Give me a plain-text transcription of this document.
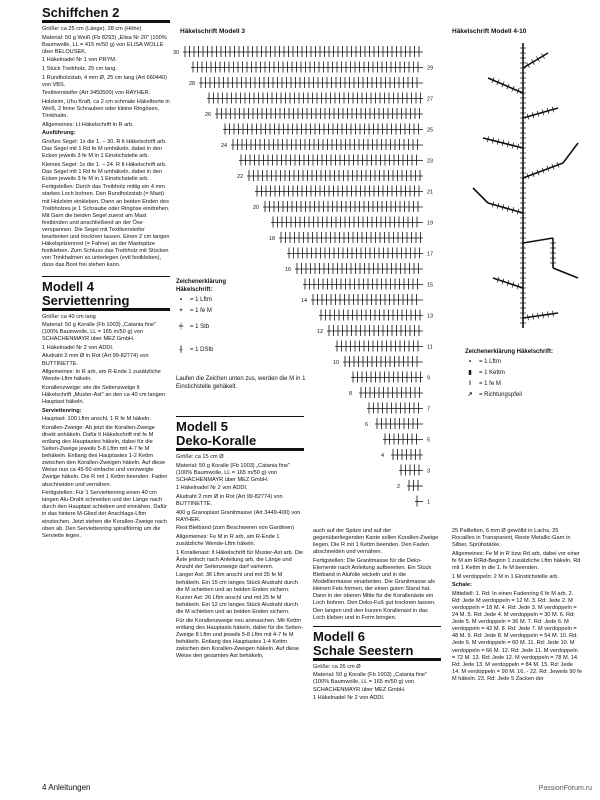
Schiffchen 2

Größe: ca 25 cm (Länge), 28 cm (Höhe)

Material: 50 g Weiß (Fb 8293) „Elisa Nr 20" (100% Baumwolle, LL = 415 m/50 g) von ELISA WOLLE über BELOUSEK.

1 Häkelnadel Nr 1 von PRYM.

1 Stück Treibholz, 25 cm lang.

1 Rundholzstab, 4 mm Ø, 25 cm lang (Art 660440) von VBS.

Textilversteifer (Art 3450500) von RAYHER.

Holzleim, Uhu Kraft, ca 2 cm schmale Häkelborte in Weiß, 2 feine Schrauben oder kleine Ringösen, Trinkhalm.

Allgemeines: Lt Häkelschrift in R arb.

Ausführung:

Großes Segel: 1x die 1. – 30. R lt Häkelschrift arb. Das Segel mit 1 Rd fe M umhäkeln, dabei in den Ecken jeweils 3 fe M in 1 Einstichstelle arb.

Kleines Segel: 1x die 1. – 24. R lt Häkelschrift arb. Das Segel mit 1 Rd fe M umhäkeln, dabei in den Ecken jeweils 3 fe M in 1 Einstichstelle arb.

Fertigstellen: Durch das Treibholz mittig ein 4 mm starkes Loch bohren. Den Rundholzstab (= Mast) mit Holzleim einkleben. Dann an beiden Enden des Treibholzes je 1 Schraube oder Ringöse eindrehen. Mit Garn die beiden Segel zuerst am Mast festbinden und anschließend an der Öse verspannen. Die Segel mit Textilversteifer bearbeiten und trocknen lassen. Einen 2 cm langen Häkelspitzenrest (= Fahne) an der Mastspitze festkleben. Zum Schluss das Treibholz mit Stücken von Trinkhalmen so unterlegen (evtl festkleben), dass das Boot frei stehen kann.

Modell 4
Serviettenring

Größe: ca 40 cm lang

Material: 50 g Koralle (Fb 1003) „Catania fine" (100% Baumwolle, LL = 165 m/50 g) von SCHACHENMAYR über MEZ GmbH.

1 Häkelnadel Nr 2 von ADDI.

Aludraht 2 mm Ø in Rot (Art 99-82774) von BUTTINETTE.

Allgemeines: In R arb, am R-Ende 1 zusätzliche Wende-Lftm häkeln.

Korallenzweige: wie die Seitenzweige lt Häkelschrift „Muster-Ast" an den ca 40 cm langen Hauptast häkeln.

Serviettenring:

Hauptast: 100 Lftm anschl, 1 R fe M häkeln.

Korallen-Zweige: Ab jetzt die Korallen-Zweige direkt anhäkeln. Dafür lt Häkelschrift mit fe M entlang des Hauptastes häkeln, dabei für die Seiten-Zweige jeweils 5-8 Lftm mit 4-7 fe M behäkeln. Entlang des Hauptastes 1-2 Kettm zwischen den Korallen-Zweigen häkeln. Auf diese Weise nun ca 45-50 einfache und verzweigte Zweige häkeln. Die R mit 1 Kettm beenden. Faden abschneiden und vernähen.

Fertigstellen: Für 1 Serviettenring einen 40 cm langen Alu-Draht schneiden und der Länge nach durch den Hauptast schieben und einnähen. Dafür in das hintere M-Glied der Anschlags-Lftm einstechen. Jetzt stehen die Korallen-Zweige nach oben ab. Den Serviettenring spiralförmig um die Serviette legen.

Häkelschrift Modell 3
30
29
28
27
26
25
24
23
22
21
20
19
18
17
16
15
14
13
12
11
10
9
8
7
6
5
4
3
2
1
Zeichenerklärung Häkelschrift:
•	= 1 Lftm
+	= 1 fe M
╪	= 1 Stb
╫	= 1 DStb
Laufen die Zeichen unten zus, werden die M in 1 Einstichstelle gehäkelt.
Häkelschrift Modell 4-10
Zeichenerklärung Häkelschrift:
•	= 1 Lftm
▮	= 1 Kettm
I	= 1 fe M
↗	= Richtungspfeil
Modell 5
Deko-Koralle

Größe: ca 15 cm Ø

Material: 50 g Koralle (Fb 1003) „Catania fine" (100% Baumwolle, LL = 165 m/50 g) von SCHACHENMAYR über MEZ GmbH.

1 Häkelnadel Nr 2 von ADDI.

Aludraht 2 mm Ø in Rot (Art 99-82774) von BUTTINETTE.

400 g Granoplast Granitmasse (Art 3449-400) von RAYHER.

Rest Bleiband (zum Beschweren von Gardinen)

Allgemeines: Fe M in R arb, am R-Ende 1 zusätzliche Wende-Lftm häkeln.

1 Korallenast: lt Häkelschrift für Muster-Ast arb. Die Äste jedoch nach Anleitung arb, die Länge und Anzahl der Seitenzweige darf variieren.

Langer Ast: 36 Lftm anschl und mit 35 fe M behäkeln. Ein 15 cm langes Stück Aludraht durch die M schieben und an beiden Enden sichern.

Kurzer Ast: 26 Lftm anschl und mit 25 fe M behäkeln. Ein 12 cm langes Stück Aludraht durch die M schieben und an beiden Enden sichern.

Für die Korallenzweige neu anmaschen. Mit Kettm entlang des Hauptasts häkeln, dabei für die Seiten-Zweige 8 Lftm und jeweils 5-8 Lftm mit 4-7 fe M behäkeln. Entlang des Hauptastes 1-4 Kettm zwischen den Korallen-Zweigen häkeln. Auf diese Weise den gesamten Ast behäkeln,

auch auf der Spitze und auf der gegenüberliegenden Kante sollen Korallen-Zweige liegen. Die R mit 1 Kettm beenden. Den Faden abschneiden und vernähen.

Fertigstellen: Die Granitmasse für die Deko-Elemente nach Anleitung aufbereiten. Ein Stück Bleiband in Alufolie wickeln und in die Modelliermasse einarbeiten. Die Granitmasse als kleinen Fels formen, der einen guten Stand hat. Dann in der oberen Mitte für die Korallenäste ein Loch bohren. Den Deko-Fuß gut trocknen lassen. Den langen und den kurzen Korallenast in das Loch kleben und in Form bringen.

Modell 6
Schale Seestern

Größe: ca 26 cm Ø

Material: 50 g Koralle (Fb 1003) „Catania fine" (100% Baumwolle, LL = 165 m/50 g) von SCHACHENMAYR über MEZ GmbH.

1 Häkelnadel Nr 2 von ADDI.

25 Pailletten, 6 mm Ø gewölbt in Lachs, 25 Rocailles in Transparent, Reste Metallic-Garn in Silber, Sprühstärke.

Allgemeines: Fe M in R bzw Rd arb, dabei vor einer fe M am R/Rd-Beginn 1 zusätzliche Lftm häkeln. Rd mit 1 Kettm in die 1. fe M beenden.

1 M verdoppeln: 2 M in 1 Einstichstelle arb.

Schale:

Mitteltell: 1. Rd: In einen Fadenring 6 fe M arb. 2. Rd: Jede M verdoppeln = 12 M. 3. Rd: Jede 2. M verdoppeln = 18 M. 4. Rd: Jede 3. M verdoppeln = 24 M. 5. Rd: Jede 4. M verdoppeln = 30 M. 6. Rd: Jede 5. M verdoppeln = 36 M. 7. Rd: Jede 6. M verdoppeln = 42 M. 8. Rd: Jede 7. M verdoppeln = 48 M. 9. Rd: Jede 8. M verdoppeln = 54 M. 10. Rd: Jede 9. M verdoppeln = 60 M. 11. Rd: Jede 10. M verdoppeln = 66 M. 12. Rd: Jede 11. M verdoppeln = 72 M. 13. Rd: Jede 12. M verdoppeln = 78 M. 14. Rd: Jede 13. M verdoppeln = 84 M. 15. Rd: Jede 14. M verdoppeln = 90 M. 16. - 22. Rd: Jeweils 90 fe M häkeln. 23. Rd: Jede 5 Zacken der

4 Anleitungen	PassionForum.ru
